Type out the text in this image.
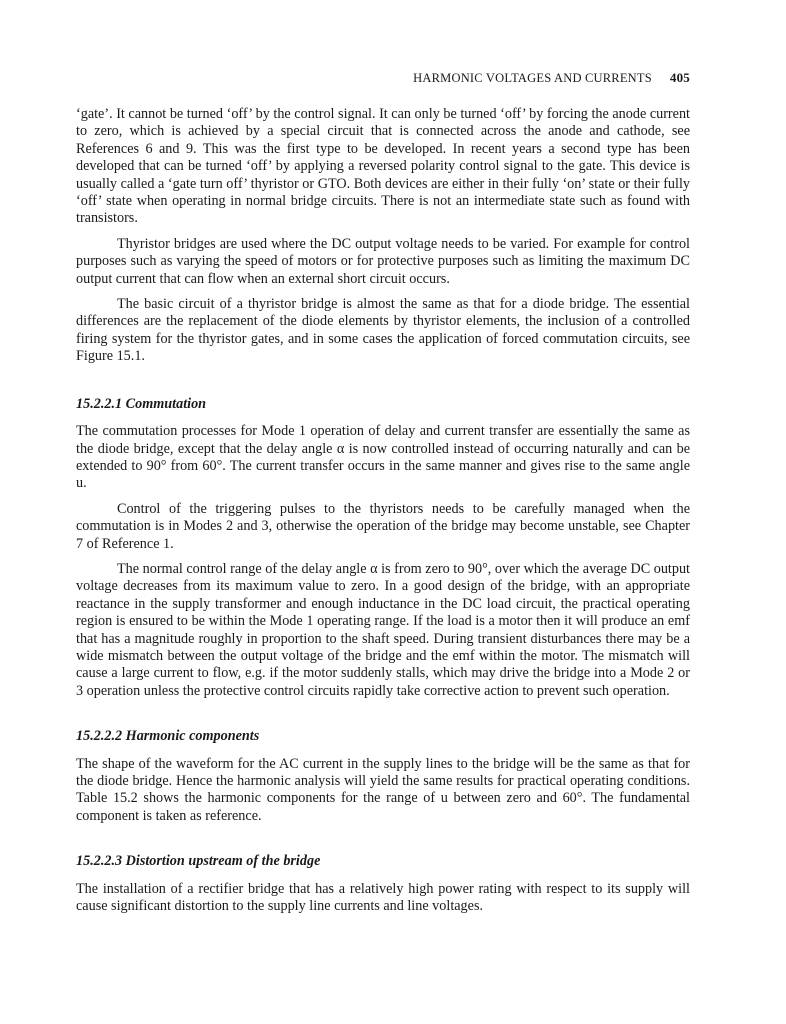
HARMONIC VOLTAGES AND CURRENTS 405

‘gate’. It cannot be turned ‘off’ by the control signal. It can only be turned ‘off’ by forcing the anode current to zero, which is achieved by a special circuit that is connected across the anode and cathode, see References 6 and 9. This was the first type to be developed. In recent years a second type has been developed that can be turned ‘off’ by applying a reversed polarity control signal to the gate. This device is usually called a ‘gate turn off’ thyristor or GTO. Both devices are either in their fully ‘on’ state or their fully ‘off’ state when operating in normal bridge circuits. There is not an intermediate state such as found with transistors.

Thyristor bridges are used where the DC output voltage needs to be varied. For example for control purposes such as varying the speed of motors or for protective purposes such as limiting the maximum DC output current that can flow when an external short circuit occurs.

The basic circuit of a thyristor bridge is almost the same as that for a diode bridge. The essential differences are the replacement of the diode elements by thyristor elements, the inclusion of a controlled firing system for the thyristor gates, and in some cases the application of forced commutation circuits, see Figure 15.1.

15.2.2.1 Commutation

The commutation processes for Mode 1 operation of delay and current transfer are essentially the same as the diode bridge, except that the delay angle α is now controlled instead of occurring naturally and can be extended to 90° from 60°. The current transfer occurs in the same manner and gives rise to the same angle u.

Control of the triggering pulses to the thyristors needs to be carefully managed when the commutation is in Modes 2 and 3, otherwise the operation of the bridge may become unstable, see Chapter 7 of Reference 1.

The normal control range of the delay angle α is from zero to 90°, over which the average DC output voltage decreases from its maximum value to zero. In a good design of the bridge, with an appropriate reactance in the supply transformer and enough inductance in the DC load circuit, the practical operating region is ensured to be within the Mode 1 operating range. If the load is a motor then it will produce an emf that has a magnitude roughly in proportion to the shaft speed. During transient disturbances there may be a wide mismatch between the output voltage of the bridge and the emf within the motor. The mismatch will cause a large current to flow, e.g. if the motor suddenly stalls, which may drive the bridge into a Mode 2 or 3 operation unless the protective control circuits rapidly take corrective action to prevent such operation.

15.2.2.2 Harmonic components

The shape of the waveform for the AC current in the supply lines to the bridge will be the same as that for the diode bridge. Hence the harmonic analysis will yield the same results for practical operating conditions. Table 15.2 shows the harmonic components for the range of u between zero and 60°. The fundamental component is taken as reference.

15.2.2.3 Distortion upstream of the bridge

The installation of a rectifier bridge that has a relatively high power rating with respect to its supply will cause significant distortion to the supply line currents and line voltages.
